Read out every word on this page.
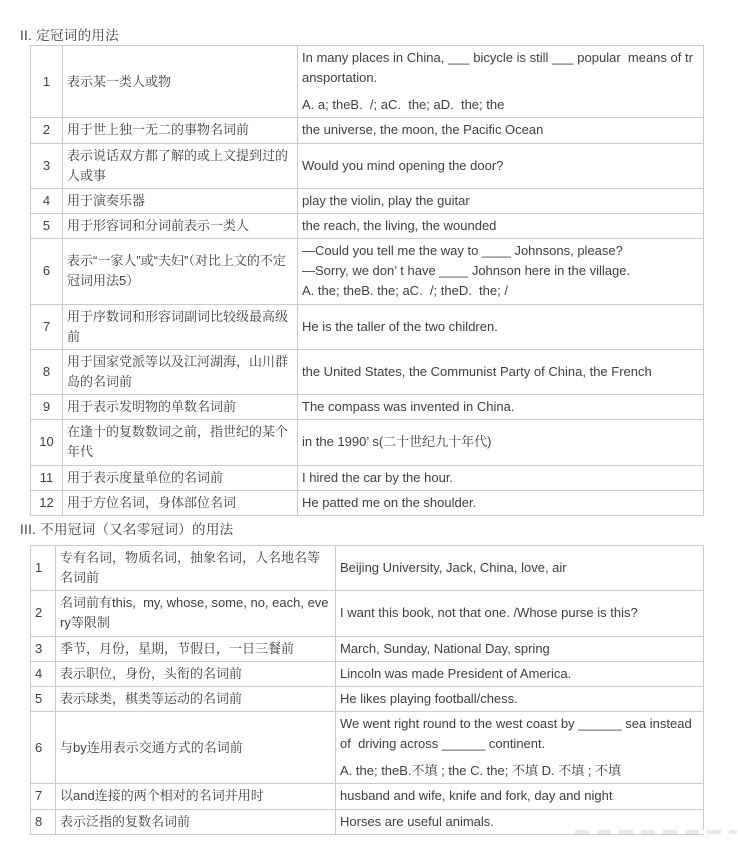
II. 定冠词的用法
1	表示某一类人或物	In many places in China, ___ bicycle is still ___ popular  means of transportation.
A. a; theB.  /; aC.  the; aD.  the; the

2	用于世上独一无二的事物名词前	the universe, the moon, the Pacific Ocean

3	表示说话双方都了解的或上文提到过的人或事	Would you mind opening the door?

4	用于演奏乐器	play the violin, play the guitar

5	用于形容词和分词前表示一类人	the reach, the living, the wounded

6	表示“一家人”或“夫妇”（对比上文的不定冠词用法5）	—Could you tell me the way to ____ Johnsons, please?
—Sorry, we don’ t have ____ Johnson here in the village.
A. the; theB. the; aC.  /; theD.  the; /

7	用于序数词和形容词副词比较级最高级前	He is the taller of the two children.

8	用于国家党派等以及江河湖海，山川群岛的名词前	the United States, the Communist Party of China, the French

9	用于表示发明物的单数名词前	The compass was invented in China.

10	在逢十的复数数词之前，指世纪的某个年代	in the 1990’ s(二十世纪九十年代)

11	用于表示度量单位的名词前	I hired the car by the hour.

12	用于方位名词，身体部位名词	He patted me on the shoulder.
III. 不用冠词（又名零冠词）的用法
1	专有名词，物质名词，抽象名词，人名地名等名词前	Beijing University, Jack, China, love, air

2	名词前有this,  my, whose, some, no, each, every等限制	I want this book, not that one. /Whose purse is this?

3	季节，月份，星期，节假日，一日三餐前	March, Sunday, National Day, spring

4	表示职位，身份，头衔的名词前	Lincoln was made President of America.

5	表示球类，棋类等运动的名词前	He likes playing football/chess.

6	与by连用表示交通方式的名词前	We went right round to the west coast by ______ sea instead of  driving across ______ continent.
A. the; theB.不填 ; the C. the; 不填 D. 不填 ; 不填

7	以and连接的两个相对的名词并用时	husband and wife, knife and fork, day and night

8	表示泛指的复数名词前	Horses are useful animals.
